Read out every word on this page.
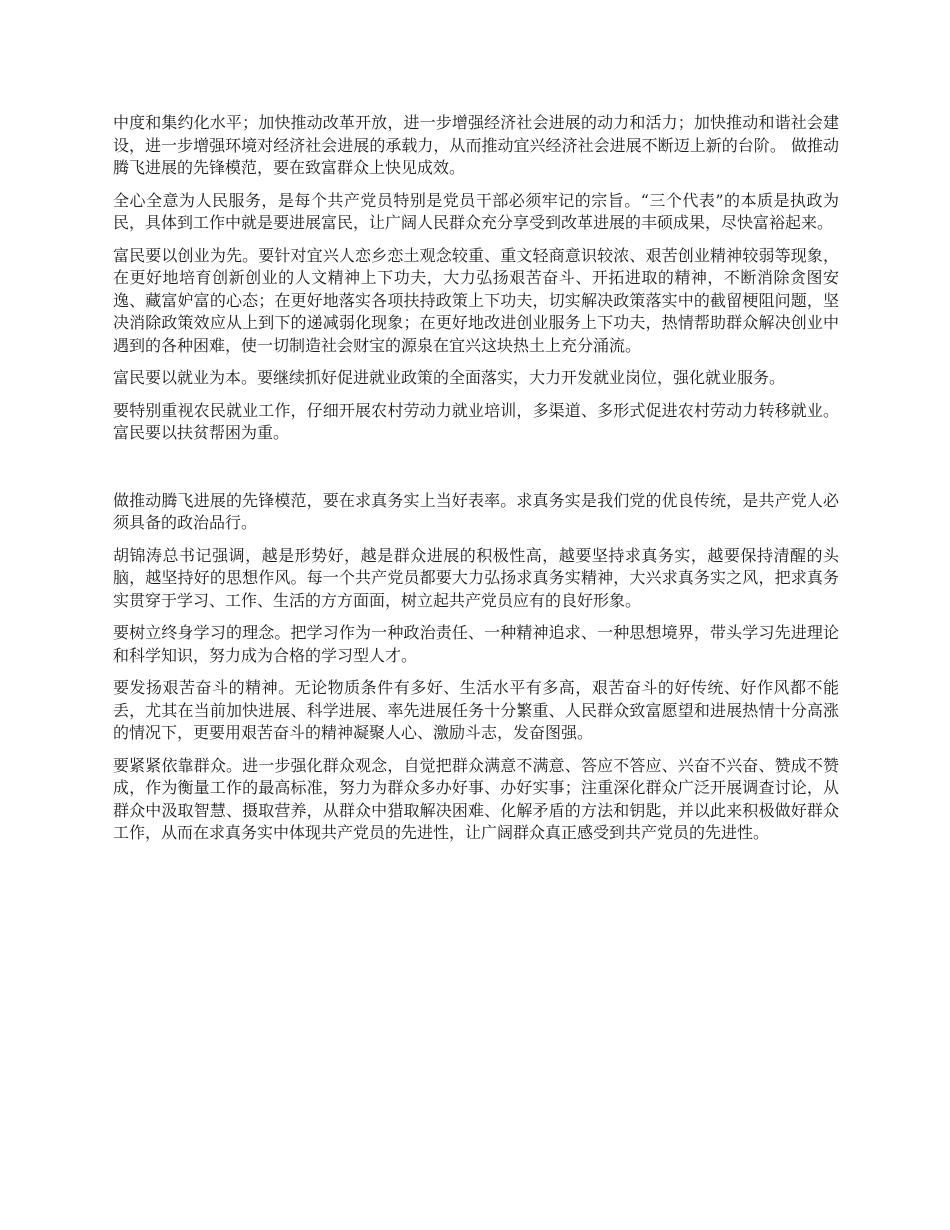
中度和集约化水平；加快推动改革开放，进一步增强经济社会进展的动力和活力；加快推动和谐社会建设，进一步增强环境对经济社会进展的承载力，从而推动宜兴经济社会进展不断迈上新的台阶。 做推动腾飞进展的先锋模范，要在致富群众上快见成效。

全心全意为人民服务，是每个共产党员特别是党员干部必须牢记的宗旨。“三个代表”的本质是执政为民，具体到工作中就是要进展富民，让广阔人民群众充分享受到改革进展的丰硕成果，尽快富裕起来。

富民要以创业为先。要针对宜兴人恋乡恋土观念较重、重文轻商意识较浓、艰苦创业精神较弱等现象，在更好地培育创新创业的人文精神上下功夫，大力弘扬艰苦奋斗、开拓进取的精神，不断消除贪图安逸、藏富妒富的心态；在更好地落实各项扶持政策上下功夫，切实解决政策落实中的截留梗阻问题，坚决消除政策效应从上到下的递减弱化现象；在更好地改进创业服务上下功夫，热情帮助群众解决创业中遇到的各种困难，使一切制造社会财宝的源泉在宜兴这块热土上充分涌流。

富民要以就业为本。要继续抓好促进就业政策的全面落实，大力开发就业岗位，强化就业服务。

要特别重视农民就业工作，仔细开展农村劳动力就业培训，多渠道、多形式促进农村劳动力转移就业。富民要以扶贫帮困为重。

做推动腾飞进展的先锋模范，要在求真务实上当好表率。求真务实是我们党的优良传统，是共产党人必须具备的政治品行。

胡锦涛总书记强调，越是形势好，越是群众进展的积极性高，越要坚持求真务实，越要保持清醒的头脑，越坚持好的思想作风。每一个共产党员都要大力弘扬求真务实精神，大兴求真务实之风，把求真务实贯穿于学习、工作、生活的方方面面，树立起共产党员应有的良好形象。

要树立终身学习的理念。把学习作为一种政治责任、一种精神追求、一种思想境界，带头学习先进理论和科学知识，努力成为合格的学习型人才。

要发扬艰苦奋斗的精神。无论物质条件有多好、生活水平有多高，艰苦奋斗的好传统、好作风都不能丢，尤其在当前加快进展、科学进展、率先进展任务十分繁重、人民群众致富愿望和进展热情十分高涨的情况下，更要用艰苦奋斗的精神凝聚人心、激励斗志，发奋图强。

要紧紧依靠群众。进一步强化群众观念，自觉把群众满意不满意、答应不答应、兴奋不兴奋、赞成不赞成，作为衡量工作的最高标准，努力为群众多办好事、办好实事；注重深化群众广泛开展调查讨论，从群众中汲取智慧、摄取营养，从群众中猎取解决困难、化解矛盾的方法和钥匙，并以此来积极做好群众工作，从而在求真务实中体现共产党员的先进性，让广阔群众真正感受到共产党员的先进性。
